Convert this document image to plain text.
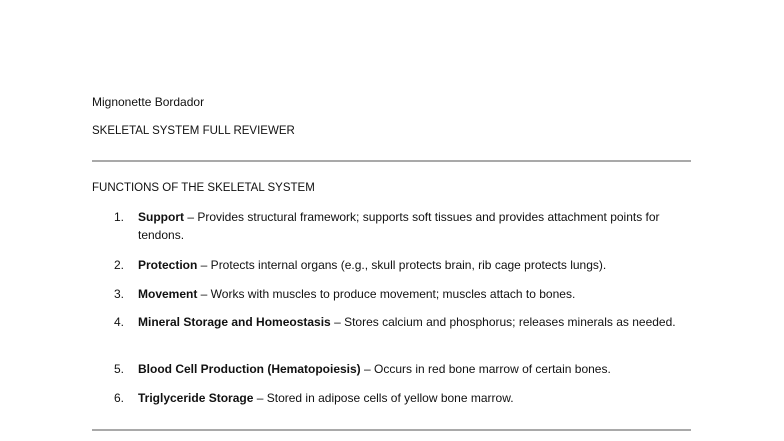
Mignonette Bordador
SKELETAL SYSTEM FULL REVIEWER
FUNCTIONS OF THE SKELETAL SYSTEM
1.	Support – Provides structural framework; supports soft tissues and provides attachment points for tendons.
2.	Protection – Protects internal organs (e.g., skull protects brain, rib cage protects lungs).
3.	Movement – Works with muscles to produce movement; muscles attach to bones.
4.	Mineral Storage and Homeostasis – Stores calcium and phosphorus; releases minerals as needed.
5.	Blood Cell Production (Hematopoiesis) – Occurs in red bone marrow of certain bones.
6.	Triglyceride Storage – Stored in adipose cells of yellow bone marrow.
